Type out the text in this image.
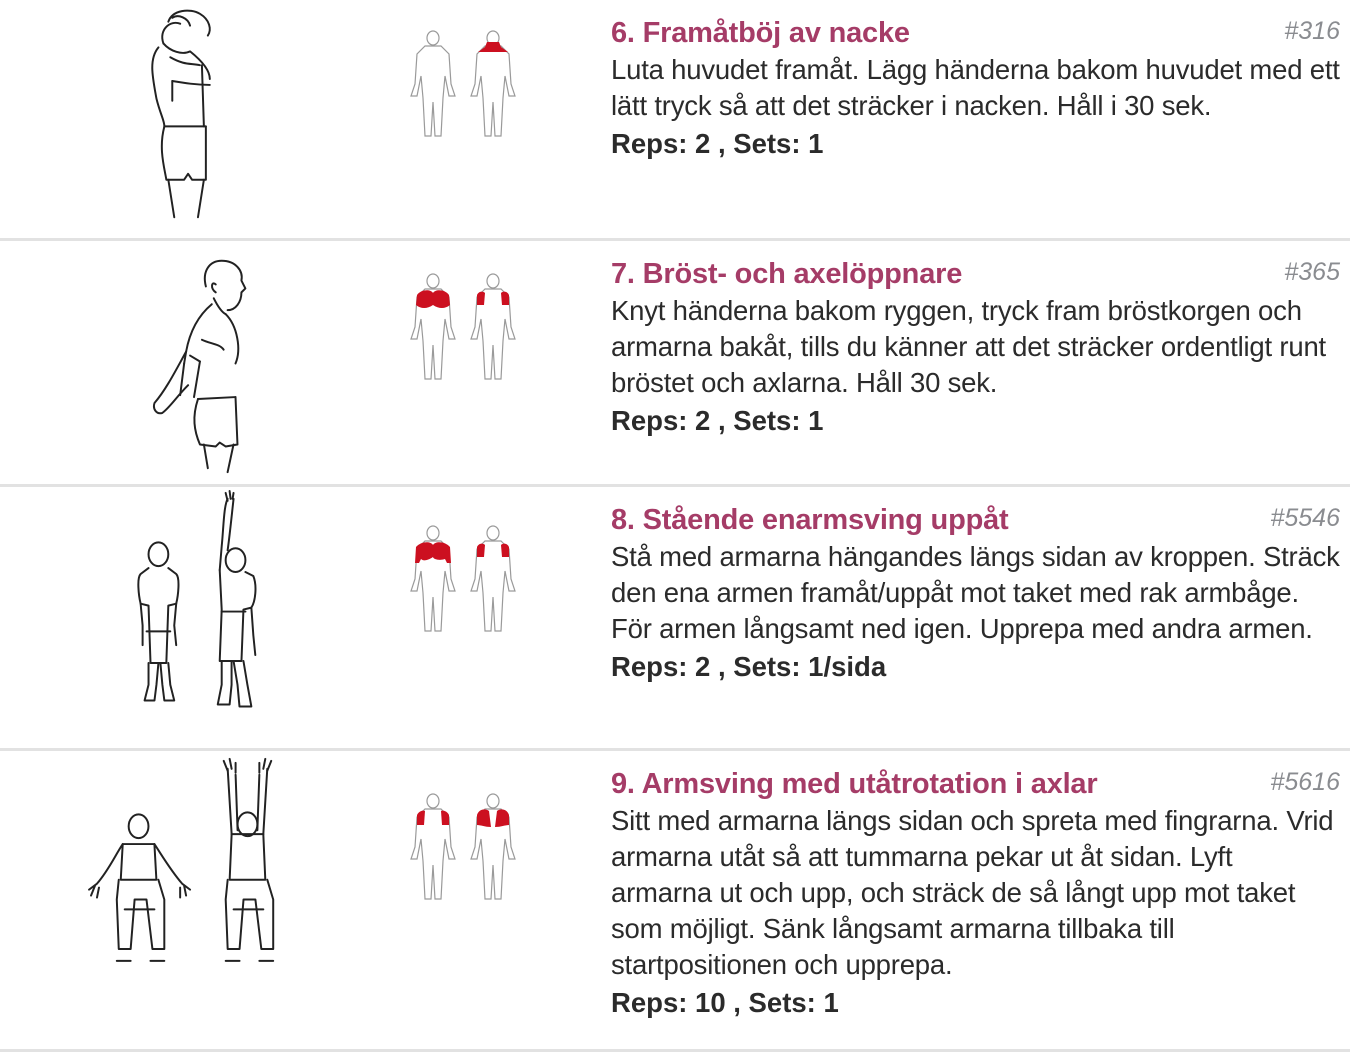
6. Framåtböj av nacke	#316

Luta huvudet framåt. Lägg händerna bakom huvudet med ett lätt tryck så att det sträcker i nacken. Håll i 30 sek.

Reps: 2 , Sets: 1
7. Bröst- och axelöppnare	#365

Knyt händerna bakom ryggen, tryck fram bröstkorgen och armarna bakåt, tills du känner att det sträcker ordentligt runt bröstet och axlarna. Håll 30 sek.

Reps: 2 , Sets: 1
8. Stående enarmsving uppåt	#5546

Stå med armarna hängandes längs sidan av kroppen. Sträck den ena armen framåt/uppåt mot taket med rak armbåge. För armen långsamt ned igen. Upprepa med andra armen.

Reps: 2 , Sets: 1/sida
9. Armsving med utåtrotation i axlar	#5616

Sitt med armarna längs sidan och spreta med fingrarna. Vrid armarna utåt så att tummarna pekar ut åt sidan. Lyft armarna ut och upp, och sträck de så långt upp mot taket som möjligt. Sänk långsamt armarna tillbaka till startpositionen och upprepa.

Reps: 10 , Sets: 1
